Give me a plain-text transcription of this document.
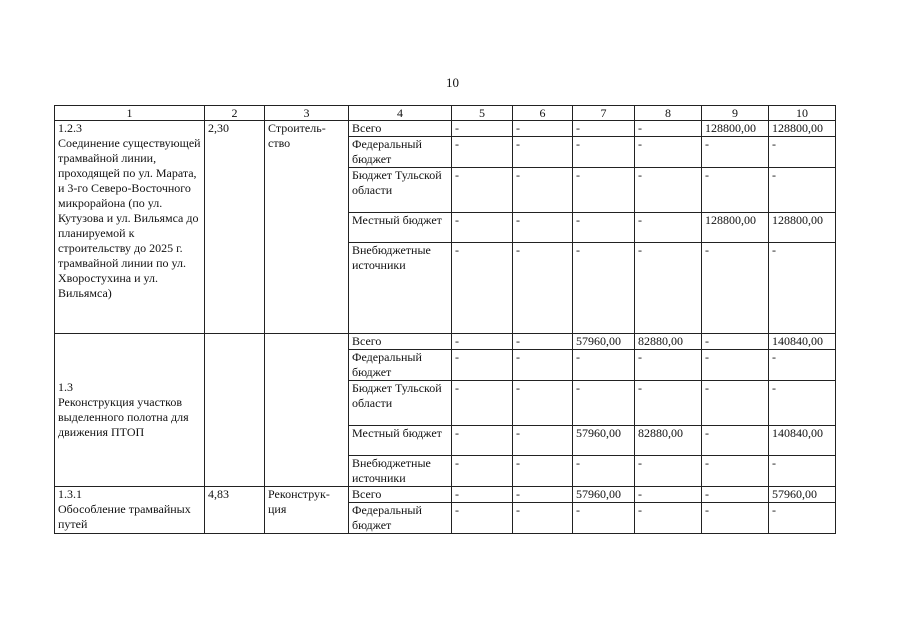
10
1	2	3	4	5	6	7	8	9	10

1.2.3
Соединение существующей трамвайной линии, проходящей по ул. Марата, и 3-го Северо-Восточного микрорайона (по ул. Кутузова и ул. Вильямса до планируемой к строительству до 2025 г. трамвайной линии по ул. Хворостухина и ул. Вильямса)	2,30	Строитель-ство	Всего	-	-	-	-	128800,00	128800,00
			Федеральный бюджет	-	-	-	-	-	-
			Бюджет Тульской области	-	-	-	-	-	-
			Местный бюджет	-	-	-	-	128800,00	128800,00
			Внебюджетные источники	-	-	-	-	-	-

1.3
Реконструкция участков выделенного полотна для движения ПТОП			Всего	-	-	57960,00	82880,00	-	140840,00
			Федеральный бюджет	-	-	-	-	-	-
			Бюджет Тульской области	-	-	-	-	-	-
			Местный бюджет	-	-	57960,00	82880,00	-	140840,00
			Внебюджетные источники	-	-	-	-	-	-

1.3.1
Обособление трамвайных путей	4,83	Реконструк-ция	Всего	-	-	57960,00	-	-	57960,00
			Федеральный бюджет	-	-	-	-	-	-
